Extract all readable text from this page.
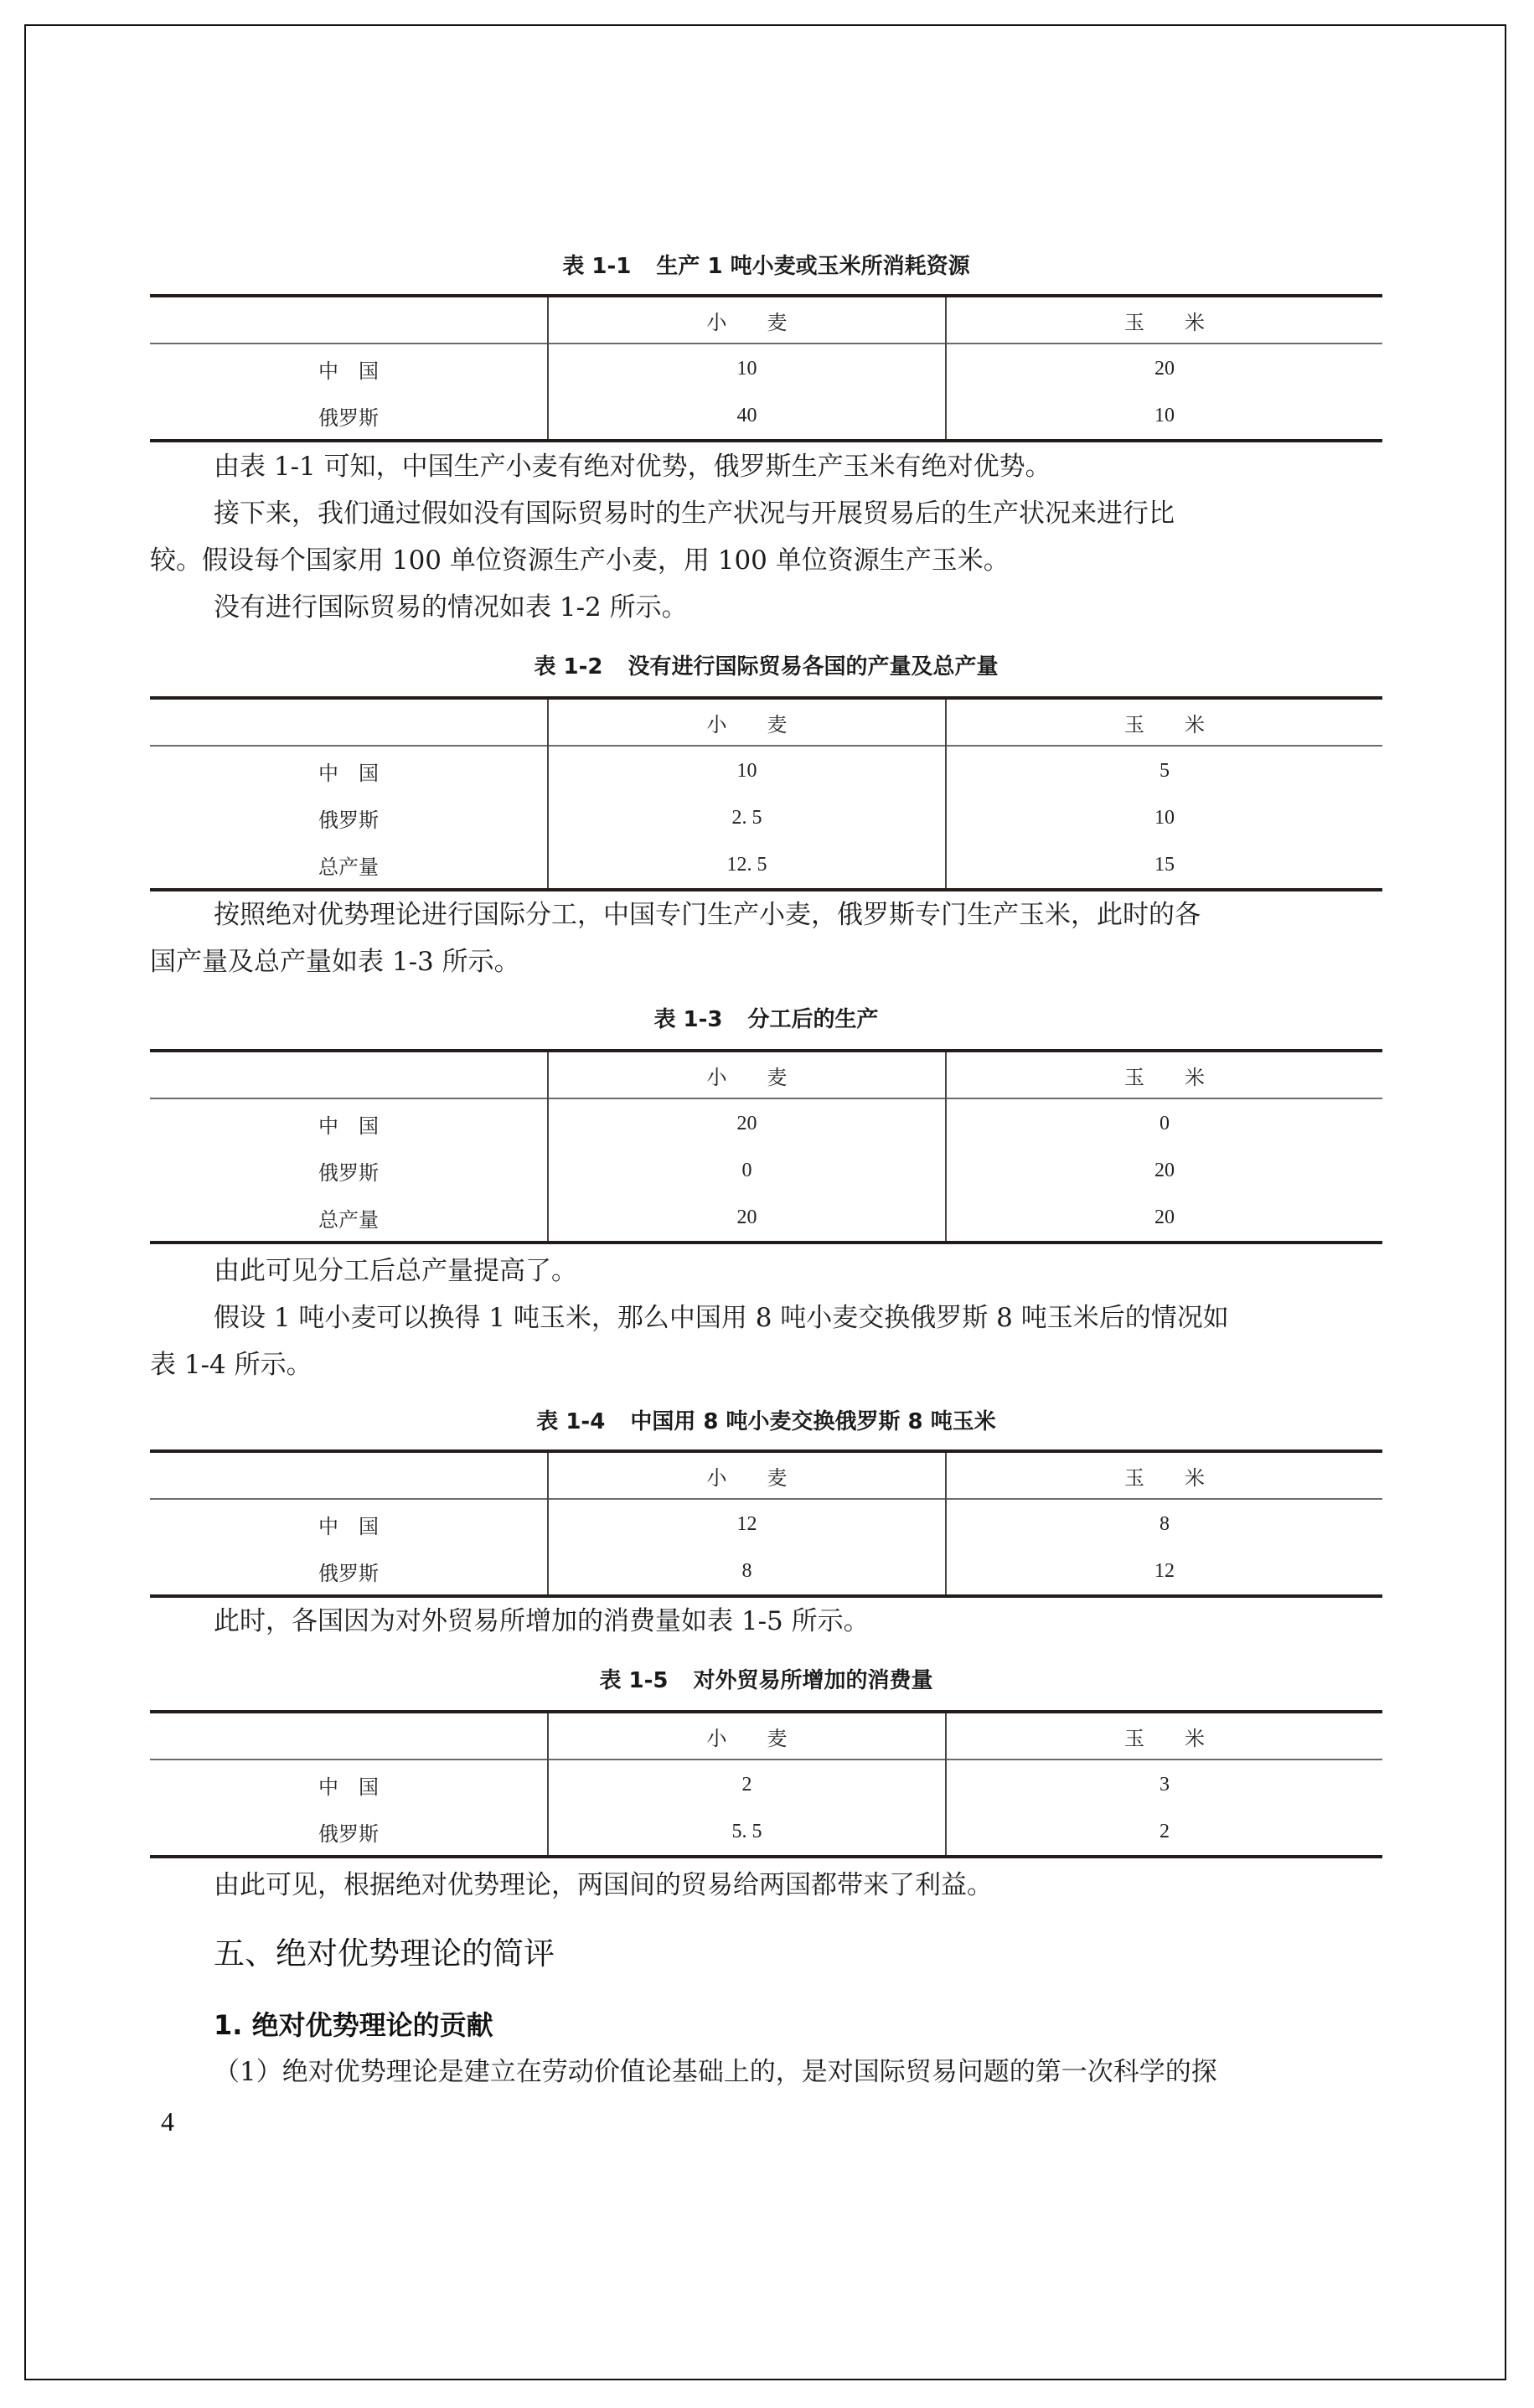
表 1-1 生产 1 吨小麦或玉米所消耗资源
	小　　麦	玉　　米
中　国	10	20
俄罗斯	40	10
由表 1-1 可知，中国生产小麦有绝对优势，俄罗斯生产玉米有绝对优势。
接下来，我们通过假如没有国际贸易时的生产状况与开展贸易后的生产状况来进行比
较。假设每个国家用 100 单位资源生产小麦，用 100 单位资源生产玉米。
没有进行国际贸易的情况如表 1-2 所示。
表 1-2 没有进行国际贸易各国的产量及总产量
	小　　麦	玉　　米
中　国	10	5
俄罗斯	2. 5	10
总产量	12. 5	15
按照绝对优势理论进行国际分工，中国专门生产小麦，俄罗斯专门生产玉米，此时的各
国产量及总产量如表 1-3 所示。
表 1-3 分工后的生产
	小　　麦	玉　　米
中　国	20	0
俄罗斯	0	20
总产量	20	20
由此可见分工后总产量提高了。
假设 1 吨小麦可以换得 1 吨玉米，那么中国用 8 吨小麦交换俄罗斯 8 吨玉米后的情况如
表 1-4 所示。
表 1-4 中国用 8 吨小麦交换俄罗斯 8 吨玉米
	小　　麦	玉　　米
中　国	12	8
俄罗斯	8	12
此时，各国因为对外贸易所增加的消费量如表 1-5 所示。
表 1-5 对外贸易所增加的消费量
	小　　麦	玉　　米
中　国	2	3
俄罗斯	5. 5	2
由此可见，根据绝对优势理论，两国间的贸易给两国都带来了利益。
五、绝对优势理论的简评
1. 绝对优势理论的贡献
（1）绝对优势理论是建立在劳动价值论基础上的，是对国际贸易问题的第一次科学的探
4
